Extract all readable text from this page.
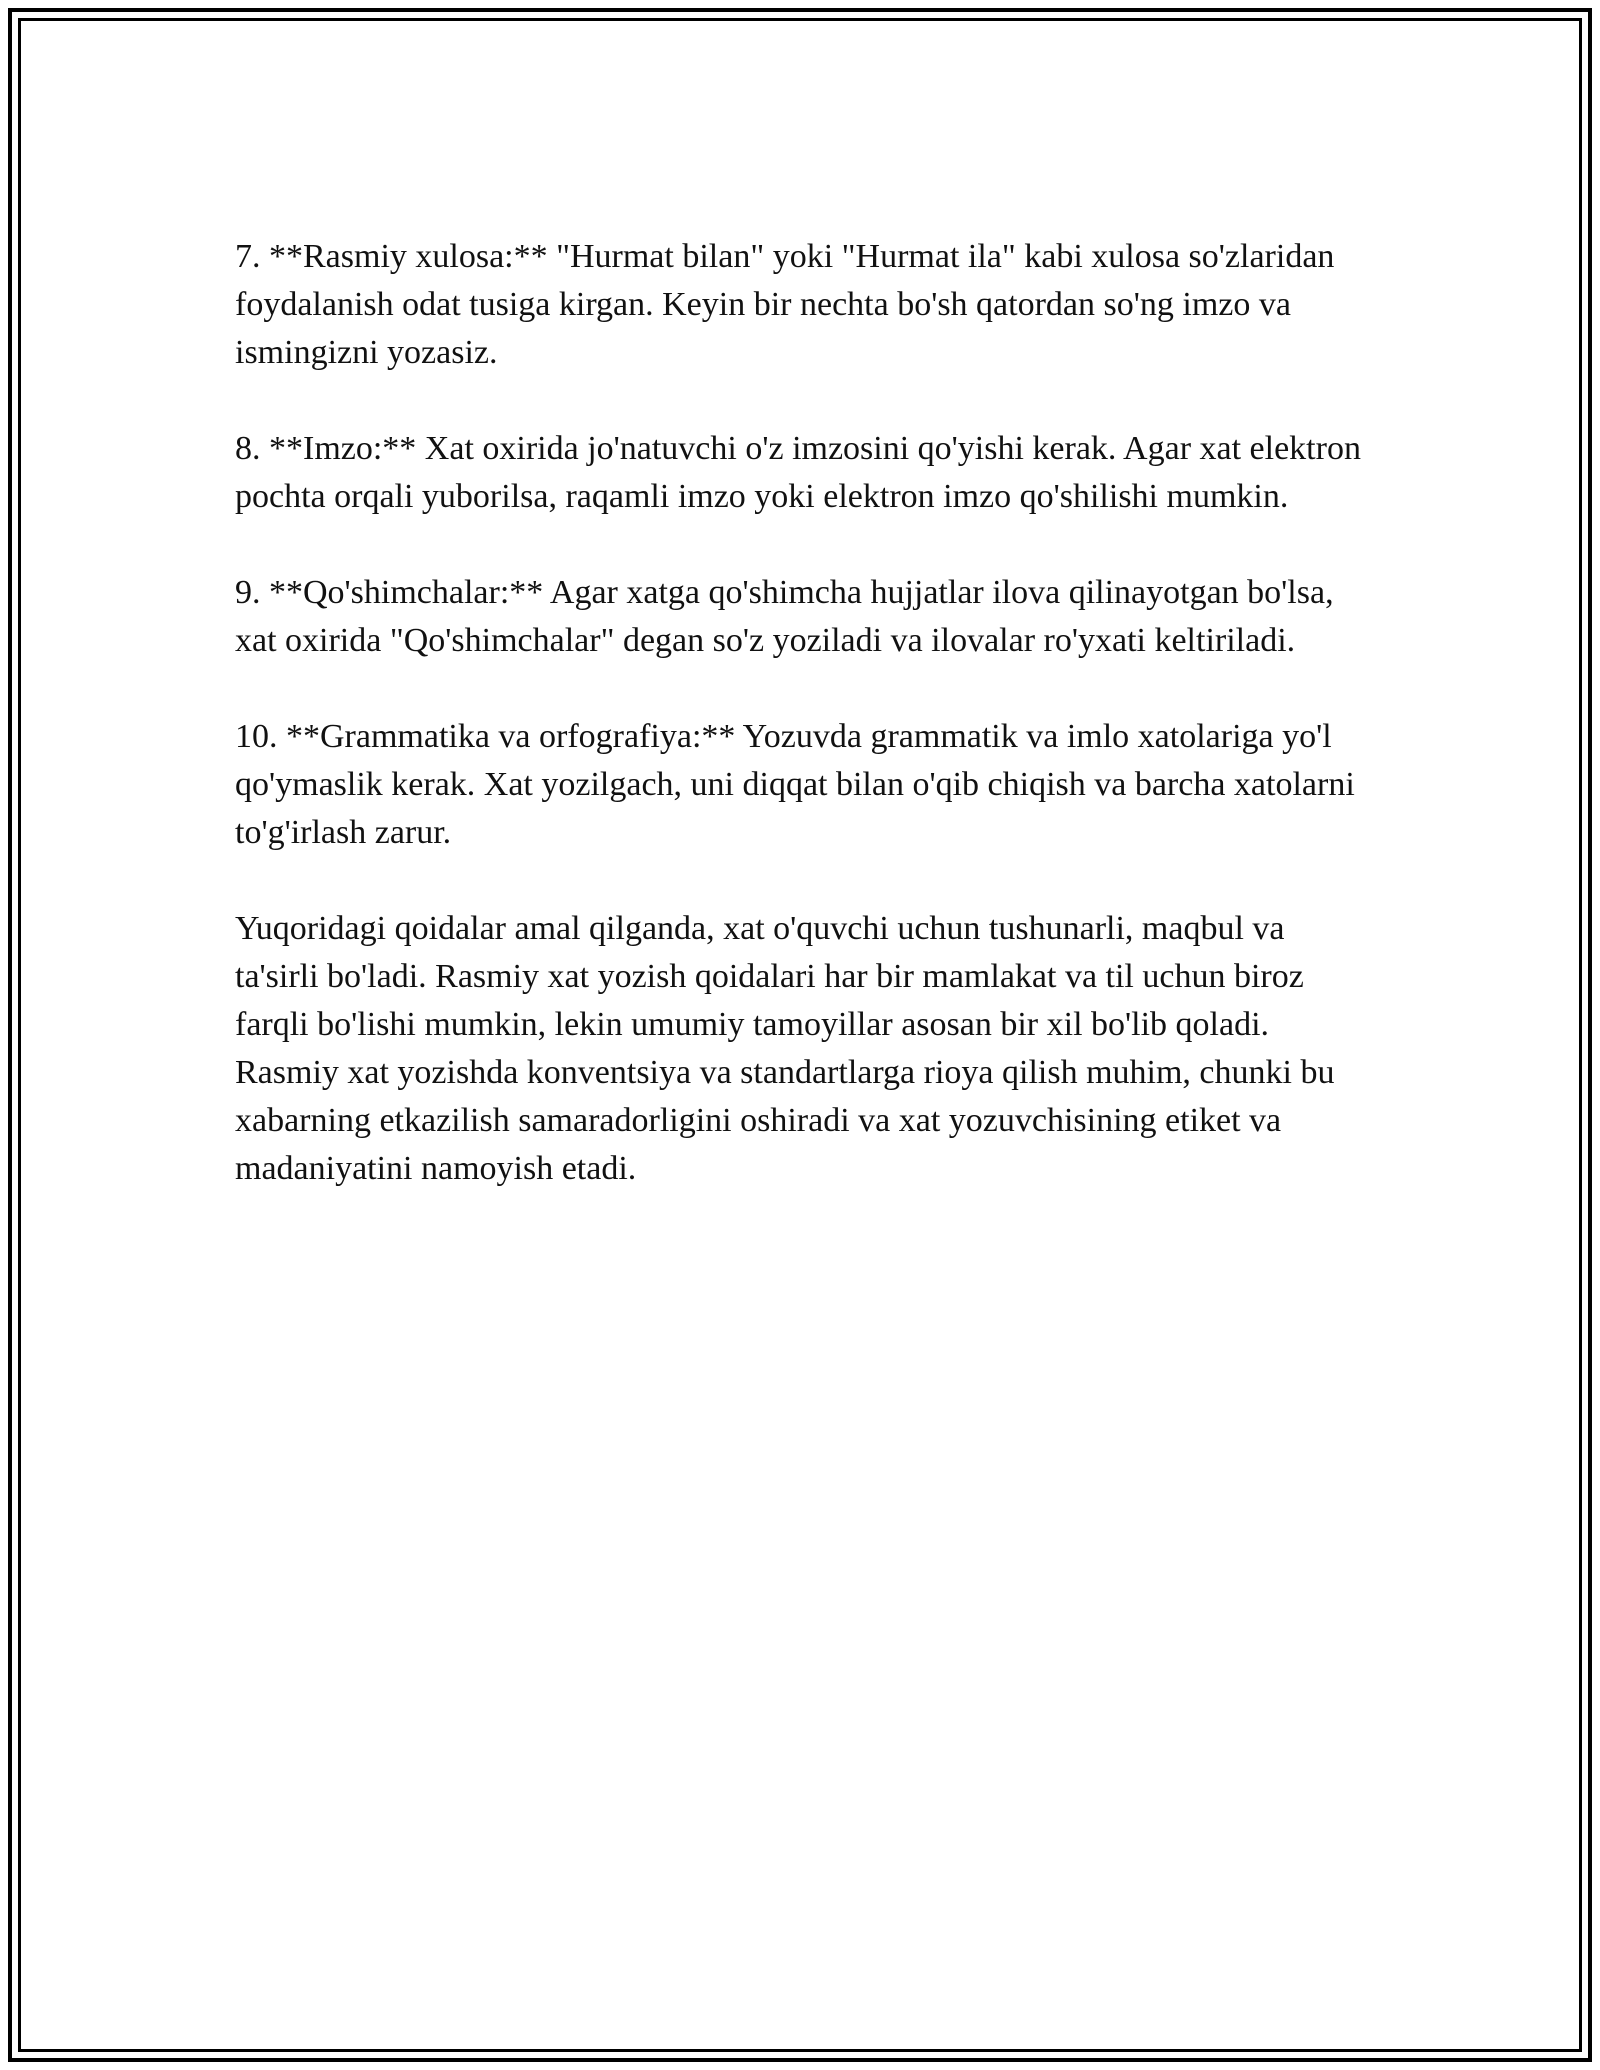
7. **Rasmiy xulosa:** "Hurmat bilan" yoki "Hurmat ila" kabi xulosa so'zlaridan foydalanish odat tusiga kirgan. Keyin bir nechta bo'sh qatordan so'ng imzo va ismingizni yozasiz.

8. **Imzo:** Xat oxirida jo'natuvchi o'z imzosini qo'yishi kerak. Agar xat elektron pochta orqali yuborilsa, raqamli imzo yoki elektron imzo qo'shilishi mumkin.

9. **Qo'shimchalar:** Agar xatga qo'shimcha hujjatlar ilova qilinayotgan bo'lsa, xat oxirida "Qo'shimchalar" degan so'z yoziladi va ilovalar ro'yxati keltiriladi.

10. **Grammatika va orfografiya:** Yozuvda grammatik va imlo xatolariga yo'l qo'ymaslik kerak. Xat yozilgach, uni diqqat bilan o'qib chiqish va barcha xatolarni to'g'irlash zarur.

Yuqoridagi qoidalar amal qilganda, xat o'quvchi uchun tushunarli, maqbul va ta'sirli bo'ladi. Rasmiy xat yozish qoidalari har bir mamlakat va til uchun biroz farqli bo'lishi mumkin, lekin umumiy tamoyillar asosan bir xil bo'lib qoladi. Rasmiy xat yozishda konventsiya va standartlarga rioya qilish muhim, chunki bu xabarning etkazilish samaradorligini oshiradi va xat yozuvchisining etiket va madaniyatini namoyish etadi.
